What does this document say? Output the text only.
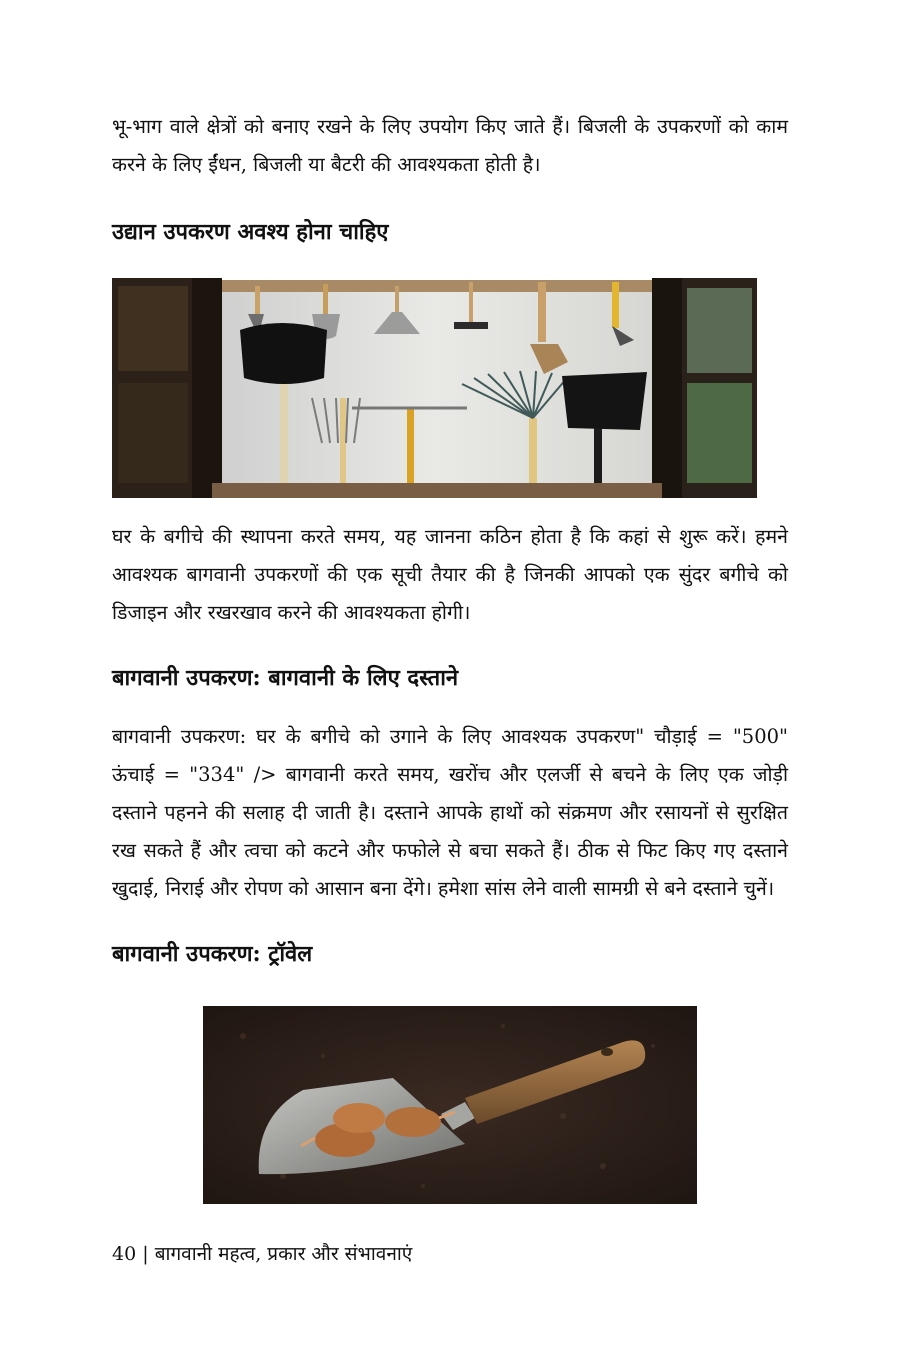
भू-भाग वाले क्षेत्रों को बनाए रखने के लिए उपयोग किए जाते हैं। बिजली के उपकरणों को काम करने के लिए ईंधन, बिजली या बैटरी की आवश्यकता होती है।

उद्यान उपकरण अवश्य होना चाहिए

घर के बगीचे की स्थापना करते समय, यह जानना कठिन होता है कि कहां से शुरू करें। हमने आवश्यक बागवानी उपकरणों की एक सूची तैयार की है जिनकी आपको एक सुंदर बगीचे को डिजाइन और रखरखाव करने की आवश्यकता होगी।

बागवानी उपकरण: बागवानी के लिए दस्ताने

बागवानी उपकरण: घर के बगीचे को उगाने के लिए आवश्यक उपकरण" चौड़ाई = "500" ऊंचाई = "334" /> बागवानी करते समय, खरोंच और एलर्जी से बचने के लिए एक जोड़ी दस्ताने पहनने की सलाह दी जाती है। दस्ताने आपके हाथों को संक्रमण और रसायनों से सुरक्षित रख सकते हैं और त्वचा को कटने और फफोले से बचा सकते हैं। ठीक से फिट किए गए दस्ताने खुदाई, निराई और रोपण को आसान बना देंगे। हमेशा सांस लेने वाली सामग्री से बने दस्ताने चुनें।

बागवानी उपकरण: ट्रॉवेल
40 | बागवानी महत्व, प्रकार और संभावनाएं
